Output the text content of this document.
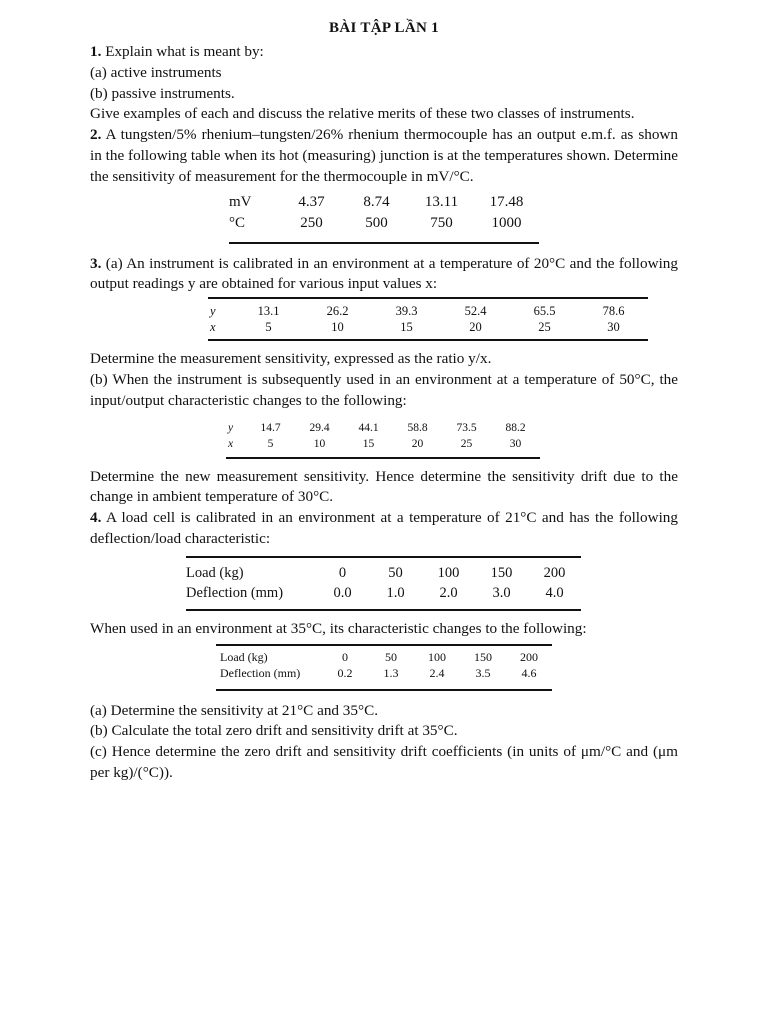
BÀI TẬP LẦN 1

1. Explain what is meant by:

(a) active instruments

(b) passive instruments.

Give examples of each and discuss the relative merits of these two classes of instruments.

2. A tungsten/5% rhenium–tungsten/26% rhenium thermocouple has an output e.m.f. as shown in the following table when its hot (measuring) junction is at the temperatures shown. Determine the sensitivity of measurement for the thermocouple in mV/°C.

mV	4.37	8.74	13.11	17.48
°C	250	500	750	1000

3. (a) An instrument is calibrated in an environment at a temperature of 20°C and the following output readings y are obtained for various input values x:

y	13.1	26.2	39.3	52.4	65.5	78.6
x	5	10	15	20	25	30

Determine the measurement sensitivity, expressed as the ratio y/x.

(b) When the instrument is subsequently used in an environment at a temperature of 50°C, the input/output characteristic changes to the following:

y	14.7	29.4	44.1	58.8	73.5	88.2
x	5	10	15	20	25	30

Determine the new measurement sensitivity. Hence determine the sensitivity drift due to the change in ambient temperature of 30°C.

4. A load cell is calibrated in an environment at a temperature of 21°C and has the following deflection/load characteristic:

Load (kg)	0	50	100	150	200
Deflection (mm)	0.0	1.0	2.0	3.0	4.0

When used in an environment at 35°C, its characteristic changes to the following:

Load (kg)	0	50	100	150	200
Deflection (mm)	0.2	1.3	2.4	3.5	4.6

(a) Determine the sensitivity at 21°C and 35°C.

(b) Calculate the total zero drift and sensitivity drift at 35°C.

(c) Hence determine the zero drift and sensitivity drift coefficients (in units of μm/°C and (μm per kg)/(°C)).
